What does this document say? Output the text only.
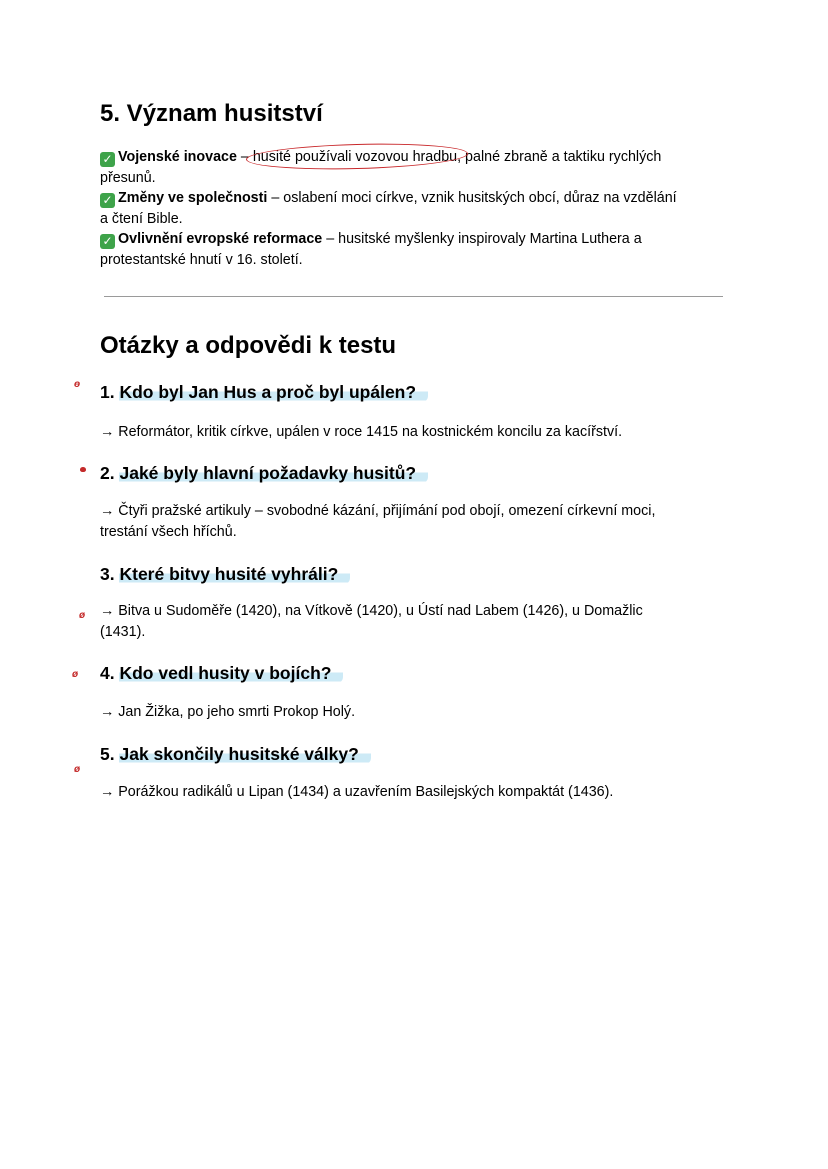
5. Význam husitství
✓ Vojenské inovace – husité používali vozovou hradbu,
palné zbraně a taktiku rychlých
přesunů.
✓ Změny ve společnosti – oslabení moci církve, vznik husitských obcí, důraz na vzdělání
a čtení Bible.
✓ Ovlivnění evropské reformace – husitské myšlenky inspirovaly Martina Luthera a
protestantské hnutí v 16. století.
Otázky a odpovědi k testu
ɵ 1. Kdo byl Jan Hus a proč byl upálen?
→ Reformátor, kritik církve, upálen v roce 1415 na kostnickém koncilu za kacířství.
2. Jaké byly hlavní požadavky husitů?
→ Čtyři pražské artikuly – svobodné kázání, přijímání pod obojí, omezení církevní moci,
trestání všech hříchů.
3. Které bitvy husité vyhráli?
ø → Bitva u Sudoměře (1420), na Vítkově (1420), u Ústí nad Labem (1426), u Domažlic
(1431).
ø 4. Kdo vedl husity v bojích?
→ Jan Žižka, po jeho smrti Prokop Holý.
5. Jak skončily husitské války?
ø
→ Porážkou radikálů u Lipan (1434) a uzavřením Basilejských kompaktát (1436).
